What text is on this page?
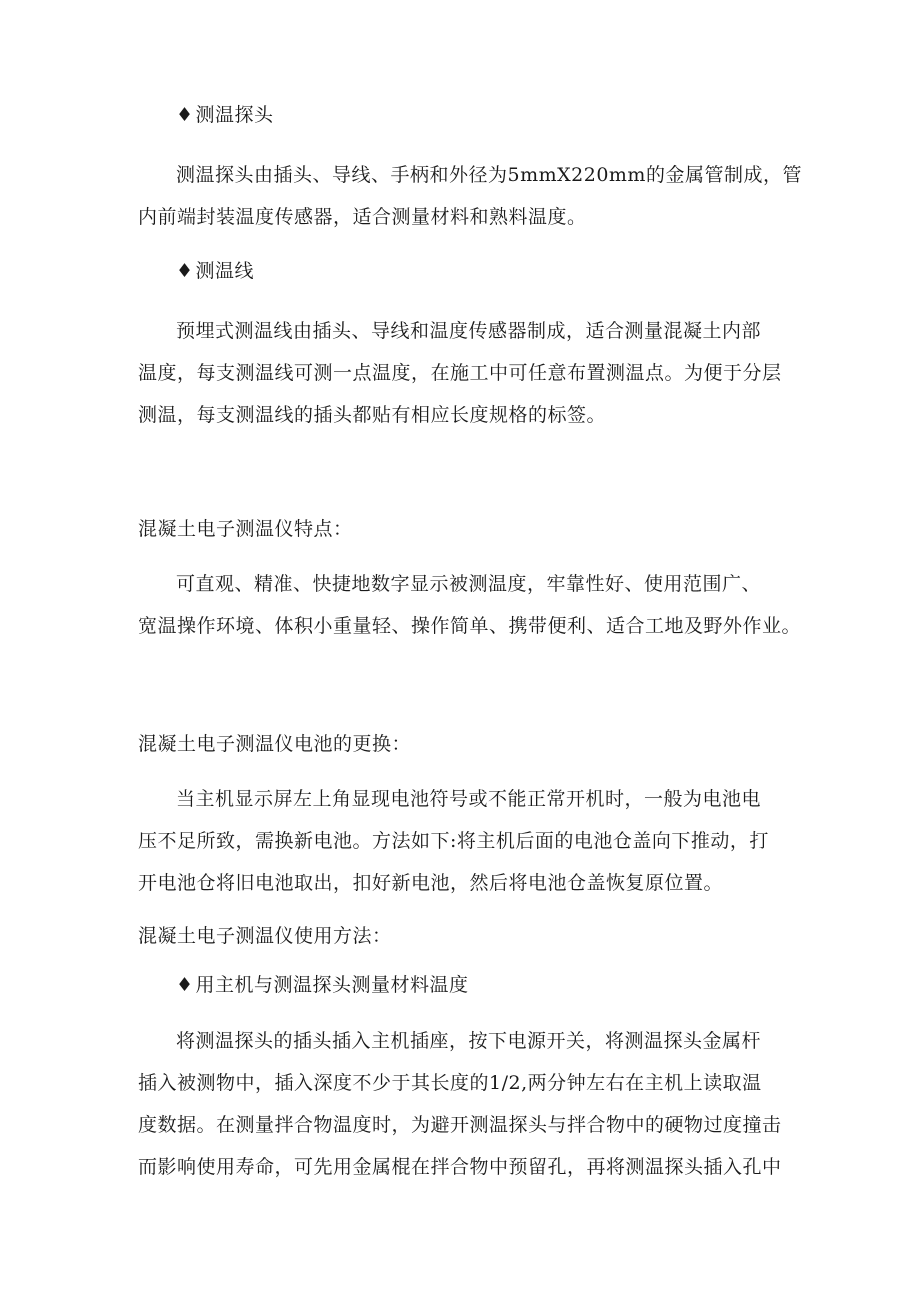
♦ 测温探头

测温探头由插头、导线、手柄和外径为5mmX220mm的金属管制成，管
内前端封装温度传感器，适合测量材料和熟料温度。

♦ 测温线

预埋式测温线由插头、导线和温度传感器制成，适合测量混凝土内部
温度，每支测温线可测一点温度，在施工中可任意布置测温点。为便于分层
测温，每支测温线的插头都贴有相应长度规格的标签。

混凝土电子测温仪特点：

可直观、精准、快捷地数字显示被测温度，牢靠性好、使用范围广、
宽温操作环境、体积小重量轻、操作简单、携带便利、适合工地及野外作业。

混凝土电子测温仪电池的更换：

当主机显示屏左上角显现电池符号或不能正常开机时，一般为电池电
压不足所致，需换新电池。方法如下:将主机后面的电池仓盖向下推动，打
开电池仓将旧电池取出，扣好新电池，然后将电池仓盖恢复原位置。

混凝土电子测温仪使用方法：

♦ 用主机与测温探头测量材料温度

将测温探头的插头插入主机插座，按下电源开关，将测温探头金属杆
插入被测物中，插入深度不少于其长度的1/2,两分钟左右在主机上读取温
度数据。在测量拌合物温度时，为避开测温探头与拌合物中的硬物过度撞击
而影响使用寿命，可先用金属棍在拌合物中预留孔，再将测温探头插入孔中
